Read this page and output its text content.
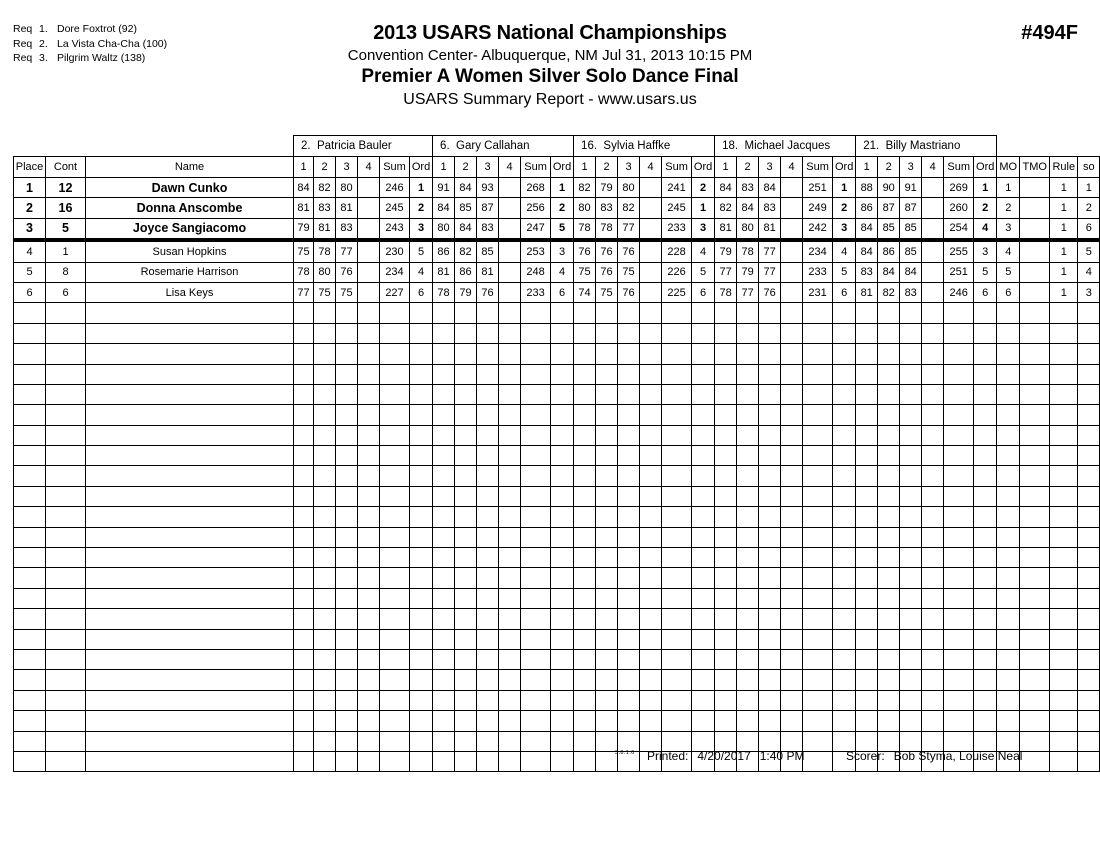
Req 1. Dore Foxtrot (92)
Req 2. La Vista Cha-Cha (100)
Req 3. Pilgrim Waltz (138)
2013 USARS National Championships
Convention Center- Albuquerque, NM Jul 31, 2013 10:15 PM
Premier A Women Silver Solo Dance Final
USARS Summary Report - www.usars.us
#494F
			2.  Patricia Bauler						6.  Gary Callahan						16.  Sylvia Haffke						18.  Michael Jacques						21.  Billy Mastriano									
Place	Cont	Name	1	2	3	4	Sum	Ord	1	2	3	4	Sum	Ord	1	2	3	4	Sum	Ord	1	2	3	4	Sum	Ord	1	2	3	4	Sum	Ord	MO	TMO	Rule	so
1	12	Dawn Cunko	84	82	80		246	1	91	84	93		268	1	82	79	80		241	2	84	83	84		251	1	88	90	91		269	1	1		1	1
2	16	Donna Anscombe	81	83	81		245	2	84	85	87		256	2	80	83	82		245	1	82	84	83		249	2	86	87	87		260	2	2		1	2
3	5	Joyce Sangiacomo	79	81	83		243	3	80	84	83		247	5	78	78	77		233	3	81	80	81		242	3	84	85	85		254	4	3		1	6
4	1	Susan Hopkins	75	78	77		230	5	86	82	85		253	3	76	76	76		228	4	79	78	77		234	4	84	86	85		255	3	4		1	5
5	8	Rosemarie Harrison	78	80	76		234	4	81	86	81		248	4	75	76	75		226	5	77	79	77		233	5	83	84	84		251	5	5		1	4
6	6	Lisa Keys	77	75	75		227	6	78	79	76		233	6	74	75	76		225	6	78	77	76		231	6	81	82	83		246	6	6		1	3

3.8.1.6 Printed: 4/20/2017 1:40 PM	Scorer: Bob Styma, Louise Neal
